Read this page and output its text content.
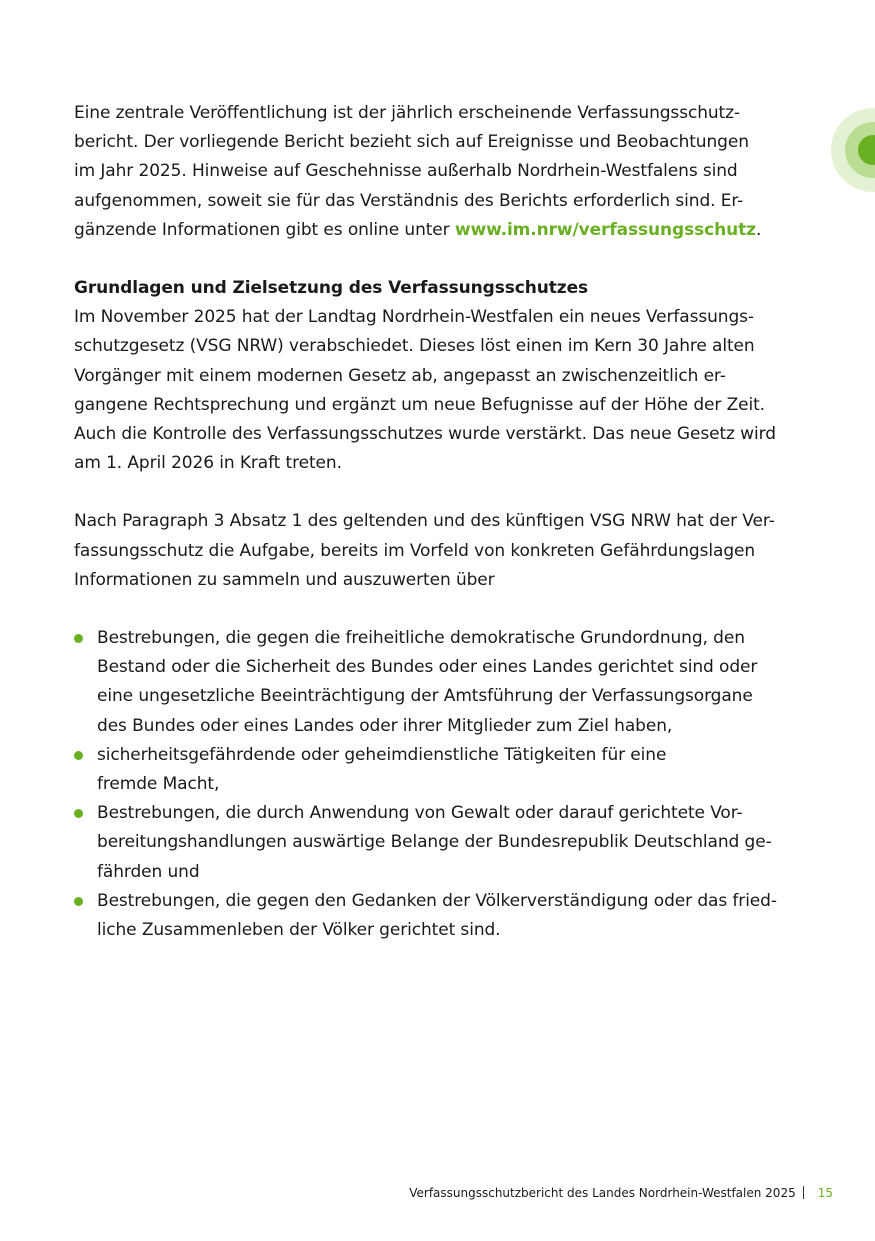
Eine zentrale Veröffentlichung ist der jährlich erscheinende Verfassungsschutz-
bericht. Der vorliegende Bericht bezieht sich auf Ereignisse und Beobachtungen
im Jahr 2025. Hinweise auf Geschehnisse außerhalb Nordrhein-Westfalens sind
aufgenommen, soweit sie für das Verständnis des Berichts erforderlich sind. Er-
gänzende Informationen gibt es online unter www.im.nrw/verfassungsschutz.

Grundlagen und Zielsetzung des Verfassungsschutzes

Im November 2025 hat der Landtag Nordrhein-Westfalen ein neues Verfassungs-
schutzgesetz (VSG NRW) verabschiedet. Dieses löst einen im Kern 30 Jahre alten
Vorgänger mit einem modernen Gesetz ab, angepasst an zwischenzeitlich er-
gangene Rechtsprechung und ergänzt um neue Befugnisse auf der Höhe der Zeit.
Auch die Kontrolle des Verfassungsschutzes wurde verstärkt. Das neue Gesetz wird
am 1. April 2026 in Kraft treten.

Nach Paragraph 3 Absatz 1 des geltenden und des künftigen VSG NRW hat der Ver-
fassungsschutz die Aufgabe, bereits im Vorfeld von konkreten Gefährdungslagen
Informationen zu sammeln und auszuwerten über

Bestrebungen, die gegen die freiheitliche demokratische Grundordnung, den
Bestand oder die Sicherheit des Bundes oder eines Landes gerichtet sind oder
eine ungesetzliche Beeinträchtigung der Amtsführung der Verfassungsorgane
des Bundes oder eines Landes oder ihrer Mitglieder zum Ziel haben,
sicherheitsgefährdende oder geheimdienstliche Tätigkeiten für eine
fremde Macht,
Bestrebungen, die durch Anwendung von Gewalt oder darauf gerichtete Vor-
bereitungshandlungen auswärtige Belange der Bundesrepublik Deutschland ge-
fährden und
Bestrebungen, die gegen den Gedanken der Völkerverständigung oder das fried-
liche Zusammenleben der Völker gerichtet sind.
Verfassungsschutzbericht des Landes Nordrhein-Westfalen 2025 15
